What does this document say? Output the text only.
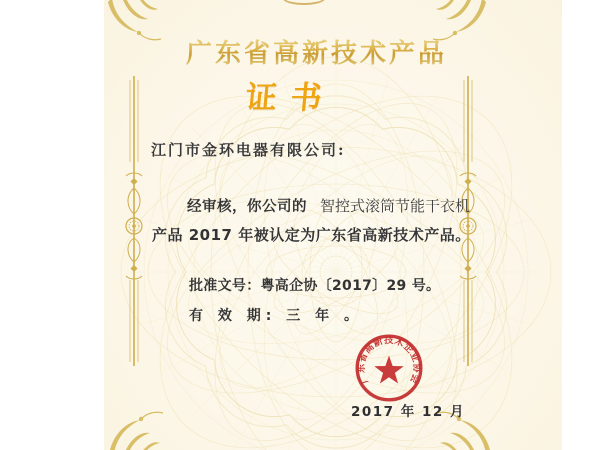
广东省高新技术产品
证书
江门市金环电器有限公司:
经审核，你公司的 智控式滚筒节能干衣机
产品 2017 年被认定为广东省高新技术产品。
批准文号：粤高企协〔2017〕29 号。
有 效 期: 三 年 。
广东省高新技术企业协会
2017 年 12 月
